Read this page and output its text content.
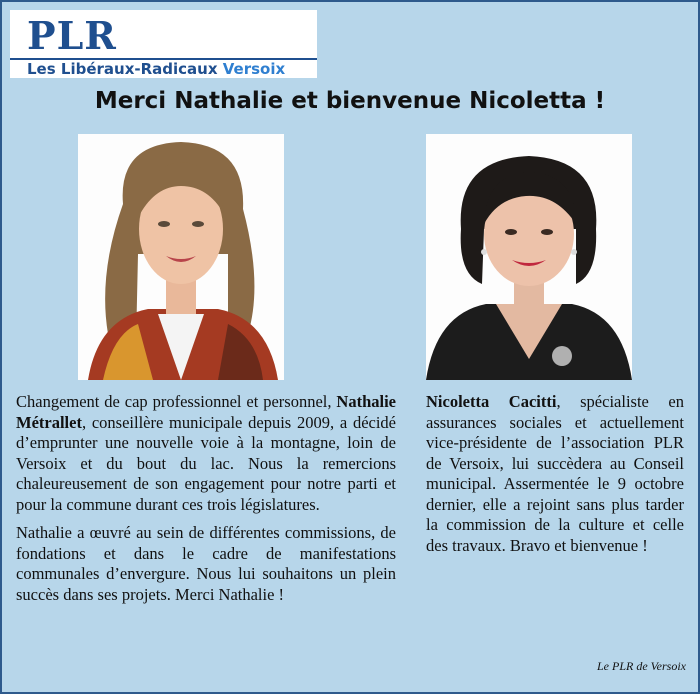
PLR
Les Libéraux-Radicaux Versoix
Merci Nathalie et bienvenue Nicoletta !

Changement de cap professionnel et personnel, Nathalie Métrallet, conseillère municipale depuis 2009, a décidé d’emprunter une nouvelle voie à la montagne, loin de Versoix et du bout du lac. Nous la remercions chaleureusement de son engagement pour notre parti et pour la commune durant ces trois législatures.

Nathalie a œuvré au sein de différentes commissions, de fondations et dans le cadre de manifestations communales d’envergure. Nous lui souhaitons un plein succès dans ses projets. Merci Nathalie !

Nicoletta Cacitti, spécialiste en assurances sociales et actuellement vice-présidente de l’association PLR de Versoix, lui succèdera au Conseil municipal. Assermentée le 9 octobre dernier, elle a rejoint sans plus tarder la commission de la culture et celle des travaux. Bravo et bienvenue !

Le PLR de Versoix
